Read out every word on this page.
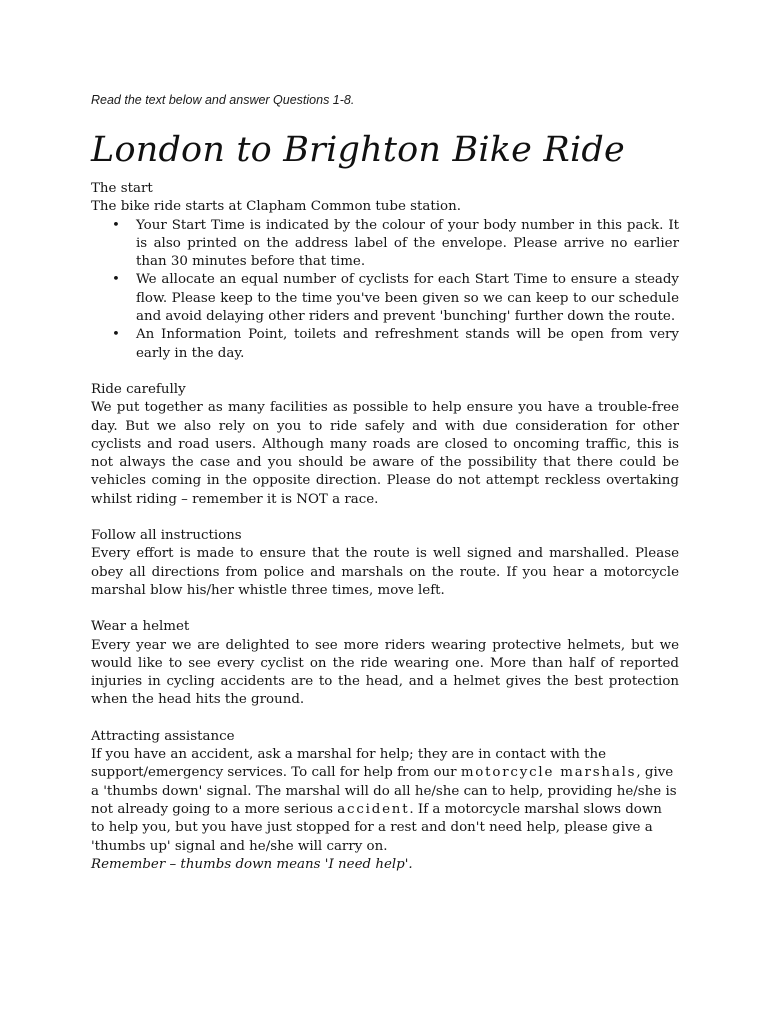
Read the text below and answer Questions 1-8.

London to Brighton Bike Ride

The start

The bike ride starts at Clapham Common tube station.

• Your Start Time is indicated by the colour of your body number in this pack. It is also printed on the address label of the envelope. Please arrive no earlier than 30 minutes before that time.
• We allocate an equal number of cyclists for each Start Time to ensure a steady flow. Please keep to the time you've been given so we can keep to our schedule and avoid delaying other riders and prevent 'bunching' further down the route.
• An Information Point, toilets and refreshment stands will be open from very early in the day.

Ride carefully

We put together as many facilities as possible to help ensure you have a trouble-free day. But we also rely on you to ride safely and with due consideration for other cyclists and road users. Although many roads are closed to oncoming traffic, this is not always the case and you should be aware of the possibility that there could be vehicles coming in the opposite direction. Please do not attempt reckless overtaking whilst riding – remember it is NOT a race.

Follow all instructions

Every effort is made to ensure that the route is well signed and marshalled. Please obey all directions from police and marshals on the route. If you hear a motorcycle marshal blow his/her whistle three times, move left.

Wear a helmet

Every year we are delighted to see more riders wearing protective helmets, but we would like to see every cyclist on the ride wearing one. More than half of reported injuries in cycling accidents are to the head, and a helmet gives the best protection when the head hits the ground.

Attracting assistance

If you have an accident, ask a marshal for help; they are in contact with the support/emergency services. To call for help from our motorcycle marshals, give a 'thumbs down' signal. The marshal will do all he/she can to help, providing he/she is not already going to a more serious accident. If a motorcycle marshal slows down to help you, but you have just stopped for a rest and don't need help, please give a 'thumbs up' signal and he/she will carry on.

Remember – thumbs down means 'I need help'.
